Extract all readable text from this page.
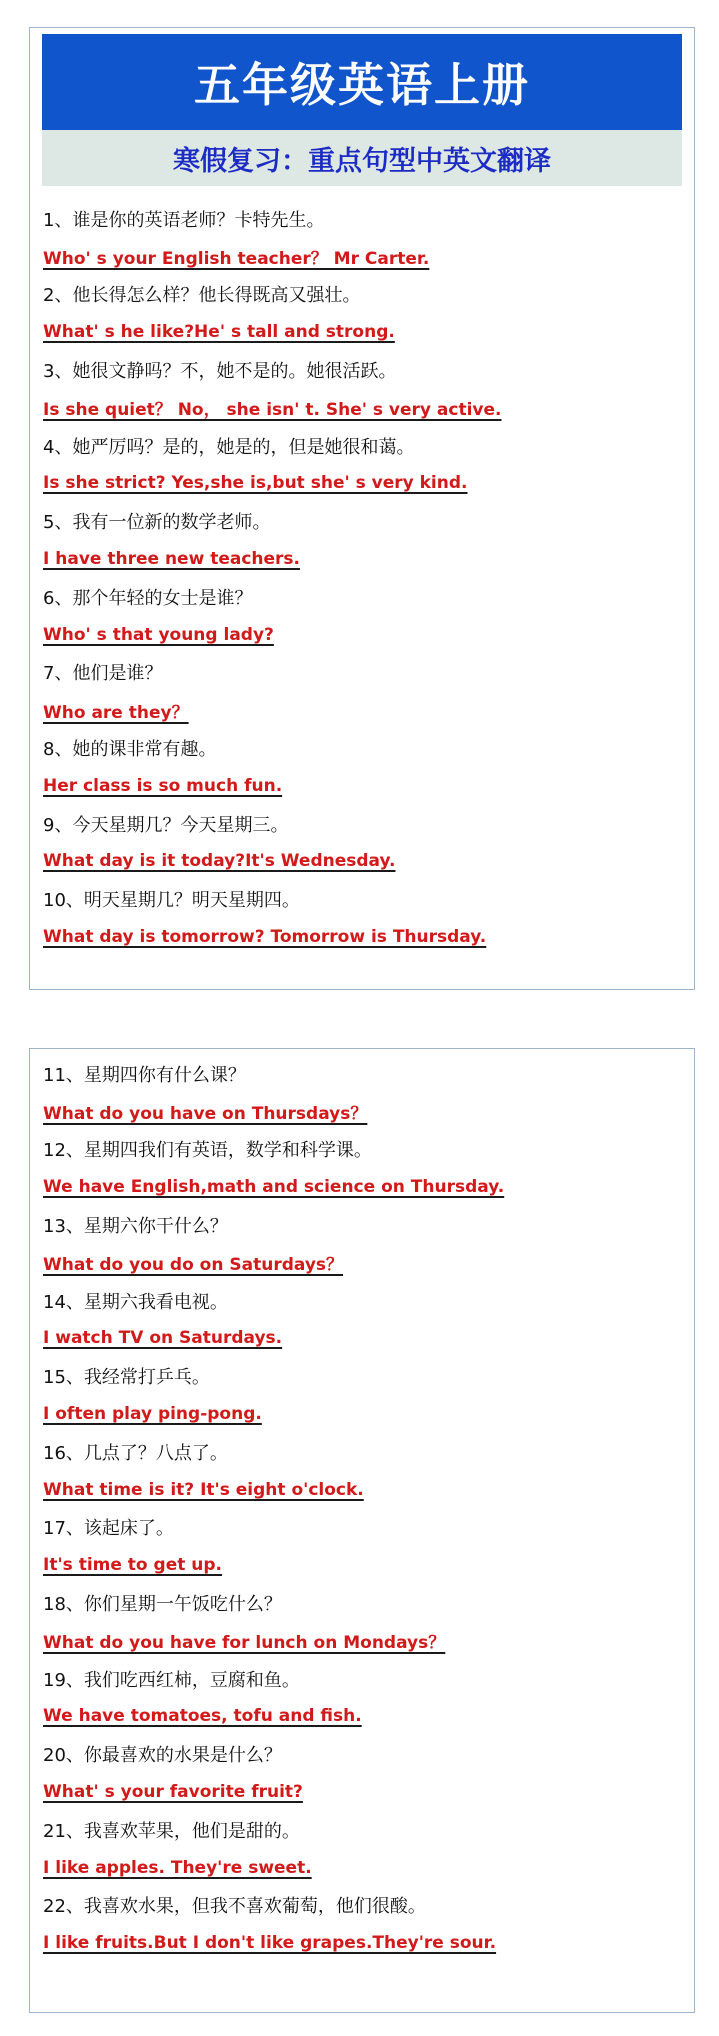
五年级英语上册
寒假复习：重点句型中英文翻译
1、谁是你的英语老师？卡特先生。
Who' s your English teacher？ Mr Carter.
2、他长得怎么样？他长得既高又强壮。
What' s he like?He' s tall and strong.
3、她很文静吗？不，她不是的。她很活跃。
Is she quiet？ No， she isn' t. She' s very active.
4、她严厉吗？是的，她是的，但是她很和蔼。
Is she strict? Yes,she is,but she' s very kind.
5、我有一位新的数学老师。
I have three new teachers.
6、那个年轻的女士是谁？
Who' s that young lady?
7、他们是谁？
Who are they？
8、她的课非常有趣。
Her class is so much fun.
9、今天星期几？今天星期三。
What day is it today?It's Wednesday.
10、明天星期几？明天星期四。
What day is tomorrow? Tomorrow is Thursday.
11、星期四你有什么课？
What do you have on Thursdays？
12、星期四我们有英语，数学和科学课。
We have English,math and science on Thursday.
13、星期六你干什么？
What do you do on Saturdays？
14、星期六我看电视。
I watch TV on Saturdays.
15、我经常打乒乓。
I often play ping-pong.
16、几点了？八点了。
What time is it? It's eight o'clock.
17、该起床了。
It's time to get up.
18、你们星期一午饭吃什么？
What do you have for lunch on Mondays？
19、我们吃西红柿，豆腐和鱼。
We have tomatoes, tofu and fish.
20、你最喜欢的水果是什么？
What' s your favorite fruit?
21、我喜欢苹果，他们是甜的。
I like apples. They're sweet.
22、我喜欢水果，但我不喜欢葡萄，他们很酸。
I like fruits.But I don't like grapes.They're sour.
